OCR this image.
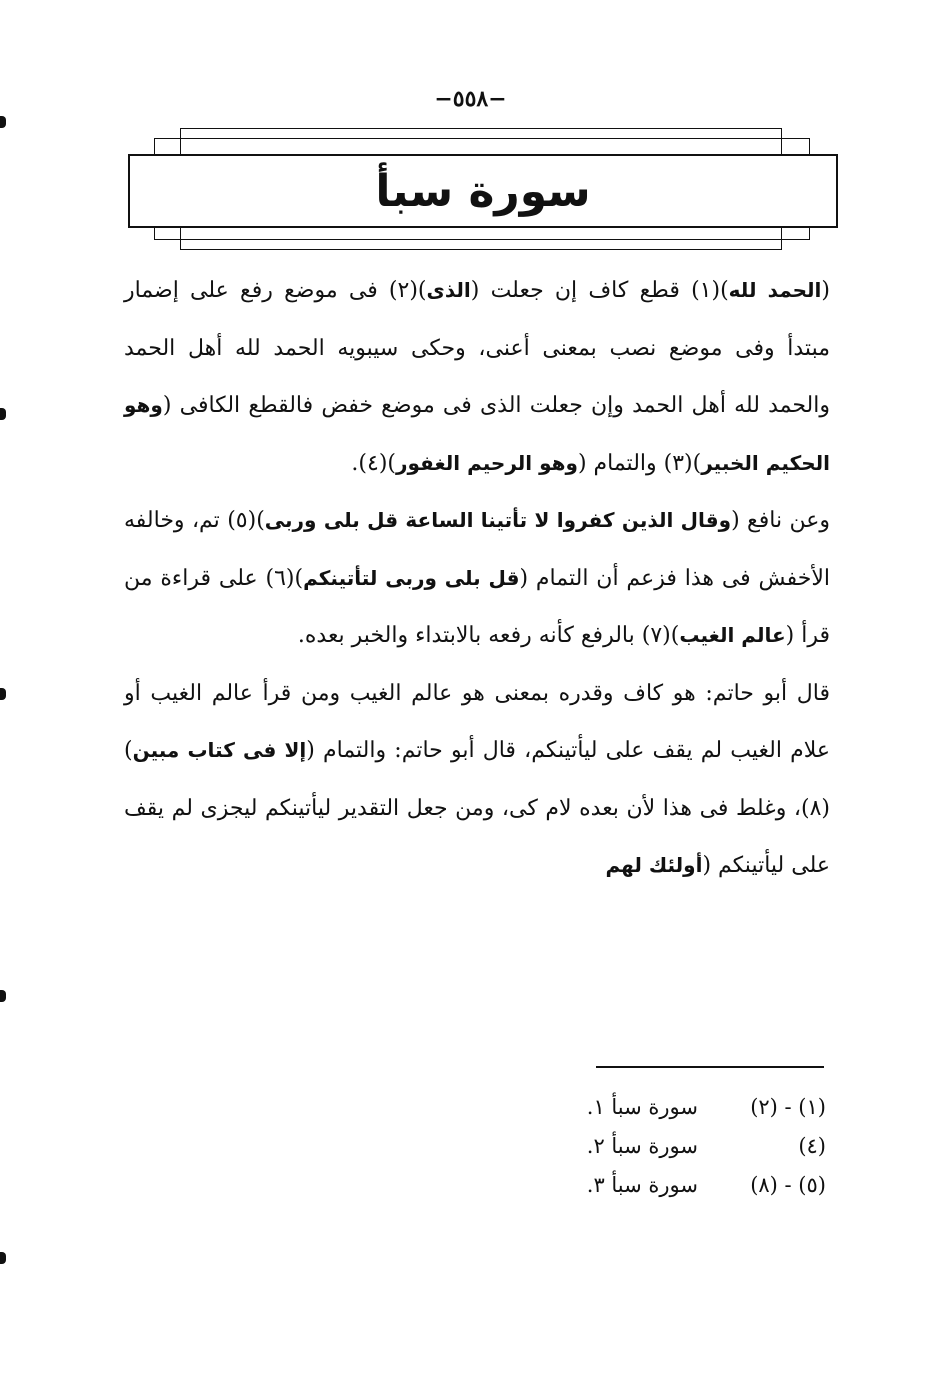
−٥٥٨−
سورة سبأ

(الحمد لله)(١) قطع كاف إن جعلت (الذى)(٢) فى موضع رفع على إضمار مبتدأ وفى موضع نصب بمعنى أعنى، وحكى سيبويه الحمد لله أهل الحمد والحمد لله أهل الحمد وإن جعلت الذى فى موضع خفض فالقطع الكافى (وهو الحكيم الخبير)(٣) والتمام (وهو الرحيم الغفور)(٤).

وعن نافع (وقال الذين كفروا لا تأتينا الساعة قل بلى وربى)(٥) تم، وخالفه الأخفش فى هذا فزعم أن التمام (قل بلى وربى لتأتينكم)(٦) على قراءة من قرأ (عالم الغيب)(٧) بالرفع كأنه رفعه بالابتداء والخبر بعده.

قال أبو حاتم: هو كاف وقدره بمعنى هو عالم الغيب ومن قرأ عالم الغيب أو علام الغيب لم يقف على ليأتينكم، قال أبو حاتم: والتمام (إلا فى كتاب مبين)(٨)، وغلط فى هذا لأن بعده لام كى، ومن جعل التقدير ليأتينكم ليجزى لم يقف على ليأتينكم (أولئك لهم

(١) - (٢)
سورة سبأ ١.
(٤)
سورة سبأ ٢.
(٥) - (٨)
سورة سبأ ٣.
